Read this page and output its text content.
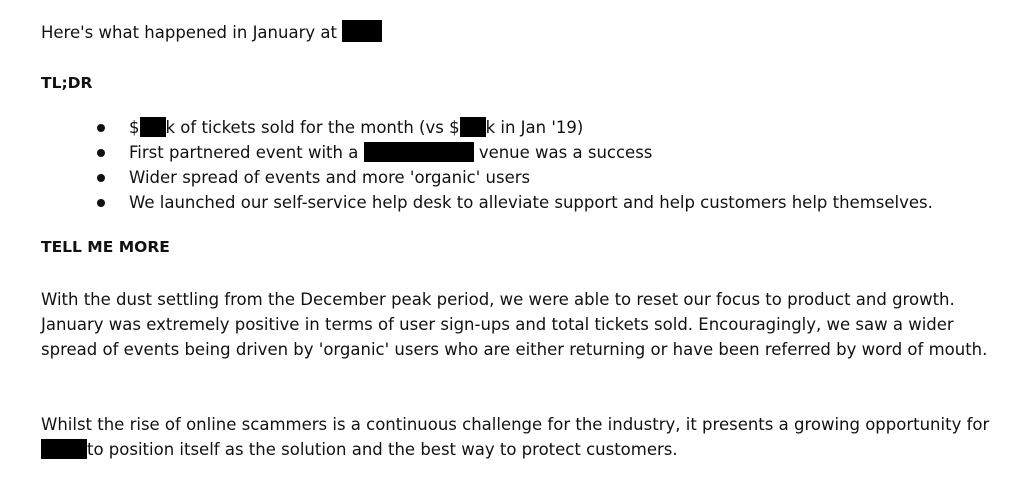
Here's what happened in January at

TL;DR

$ k of tickets sold for the month (vs $ k in Jan '19)
First partnered event with a	venue was a success
Wider spread of events and more 'organic' users
We launched our self-service help desk to alleviate support and help customers help themselves.

TELL ME MORE

With the dust settling from the December peak period, we were able to reset our focus to product and growth. January was extremely positive in terms of user sign-ups and total tickets sold. Encouragingly, we saw a wider spread of events being driven by 'organic' users who are either returning or have been referred by word of mouth.

Whilst the rise of online scammers is a continuous challenge for the industry, it presents a growing opportunity for to position itself as the solution and the best way to protect customers.
